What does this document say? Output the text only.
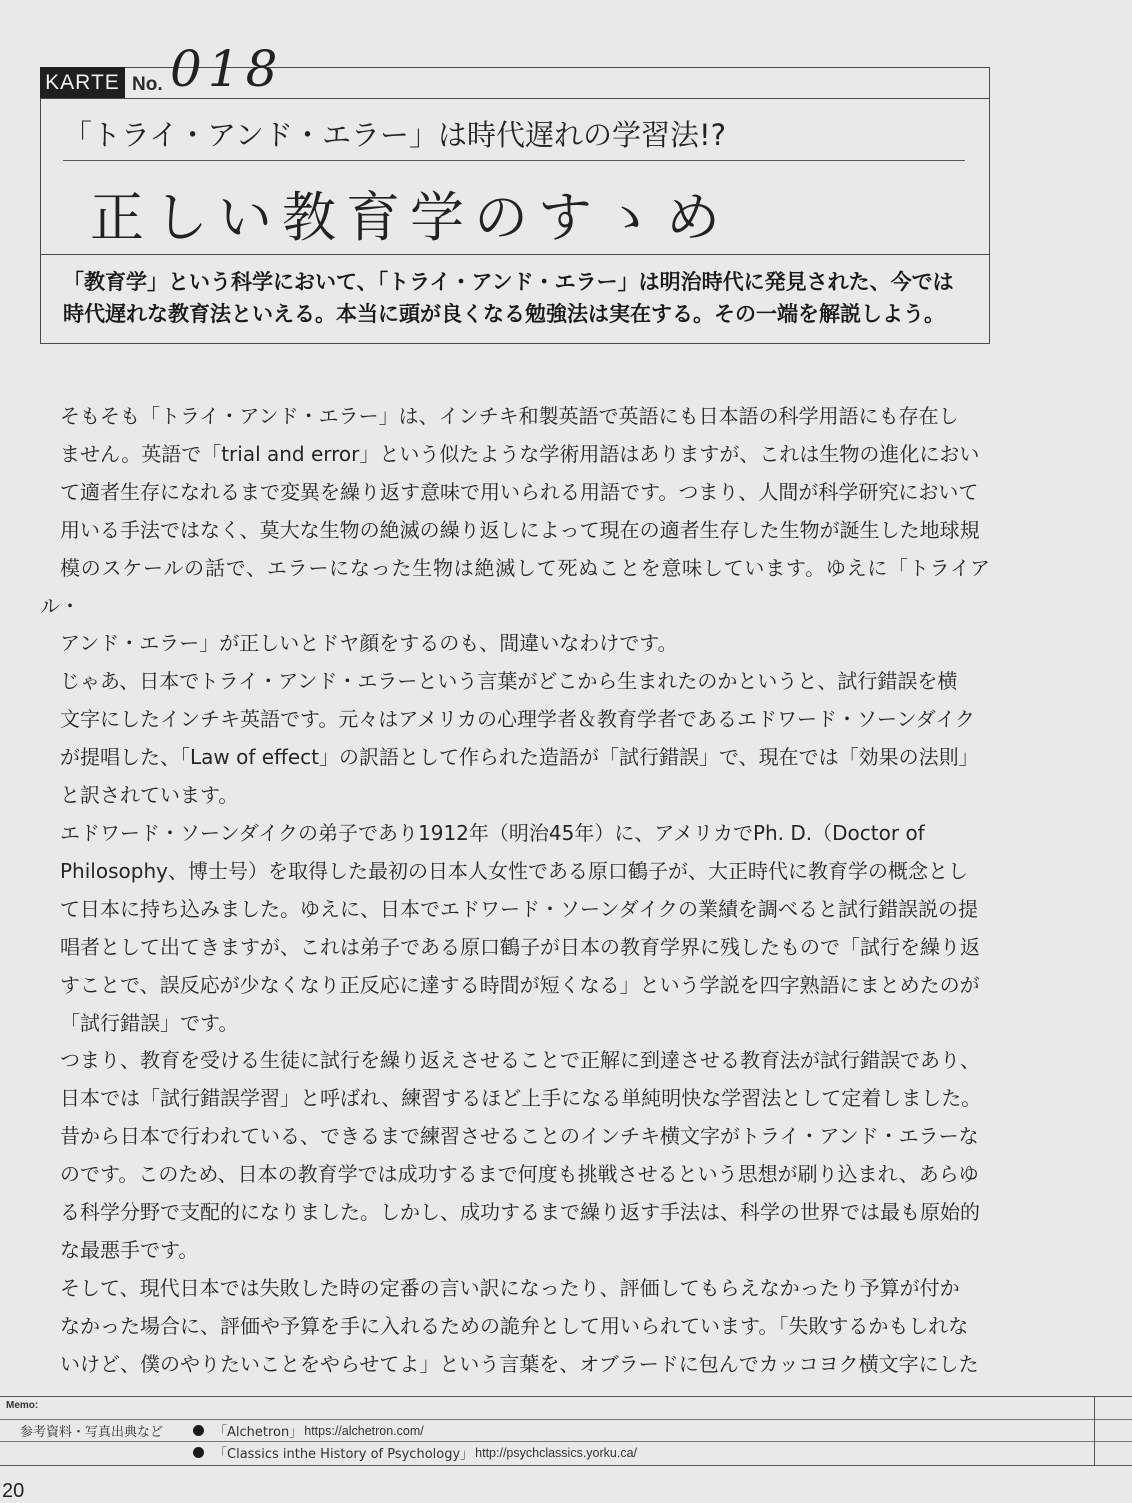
KARTE No. 018
「トライ・アンド・エラー」は時代遅れの学習法!?
正しい教育学のすゝめ

「教育学」という科学において、「トライ・アンド・エラー」は明治時代に発見された、今では

時代遅れな教育法といえる。本当に頭が良くなる勉強法は実在する。その一端を解説しよう。

そもそも「トライ・アンド・エラー」は、インチキ和製英語で英語にも日本語の科学用語にも存在し
ません。英語で「trial and error」という似たような学術用語はありますが、これは生物の進化におい
て適者生存になれるまで変異を繰り返す意味で用いられる用語です。つまり、人間が科学研究において
用いる手法ではなく、莫大な生物の絶滅の繰り返しによって現在の適者生存した生物が誕生した地球規
模のスケールの話で、エラーになった生物は絶滅して死ぬことを意味しています。ゆえに「トライアル・
アンド・エラー」が正しいとドヤ顔をするのも、間違いなわけです。

じゃあ、日本でトライ・アンド・エラーという言葉がどこから生まれたのかというと、試行錯誤を横
文字にしたインチキ英語です。元々はアメリカの心理学者＆教育学者であるエドワード・ソーンダイク
が提唱した、「Law of effect」の訳語として作られた造語が「試行錯誤」で、現在では「効果の法則」
と訳されています。

エドワード・ソーンダイクの弟子であり1912年（明治45年）に、アメリカでPh. D.（Doctor of
Philosophy、博士号）を取得した最初の日本人女性である原口鶴子が、大正時代に教育学の概念とし
て日本に持ち込みました。ゆえに、日本でエドワード・ソーンダイクの業績を調べると試行錯誤説の提
唱者として出てきますが、これは弟子である原口鶴子が日本の教育学界に残したもので「試行を繰り返
すことで、誤反応が少なくなり正反応に達する時間が短くなる」という学説を四字熟語にまとめたのが
「試行錯誤」です。

つまり、教育を受ける生徒に試行を繰り返えさせることで正解に到達させる教育法が試行錯誤であり、
日本では「試行錯誤学習」と呼ばれ、練習するほど上手になる単純明快な学習法として定着しました。
昔から日本で行われている、できるまで練習させることのインチキ横文字がトライ・アンド・エラーな
のです。このため、日本の教育学では成功するまで何度も挑戦させるという思想が刷り込まれ、あらゆ
る科学分野で支配的になりました。しかし、成功するまで繰り返す手法は、科学の世界では最も原始的
な最悪手です。

そして、現代日本では失敗した時の定番の言い訳になったり、評価してもらえなかったり予算が付か
なかった場合に、評価や予算を手に入れるための詭弁として用いられています。「失敗するかもしれな
いけど、僕のやりたいことをやらせてよ」という言葉を、オブラードに包んでカッコヨク横文字にした

Memo:
参考資料・写真出典など	「Alchetron」 https://alchetron.com/
「Classics inthe History of Psychology」 http://psychclassics.yorku.ca/
20
